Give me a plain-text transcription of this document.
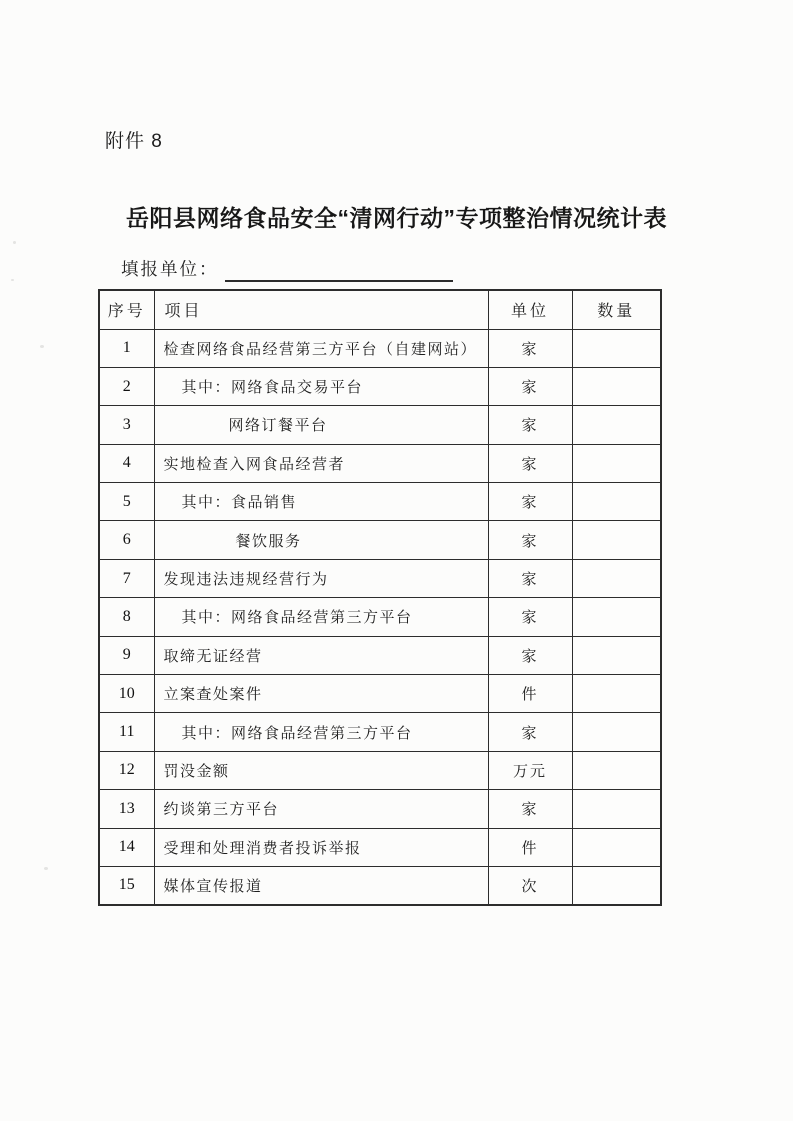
附件 8
岳阳县网络食品安全“清网行动”专项整治情况统计表
填报单位：
序号	项目	单位	数量
1	检查网络食品经营第三方平台（自建网站）	家	
2	其中：网络食品交易平台	家	
3	网络订餐平台	家	
4	实地检查入网食品经营者	家	
5	其中：食品销售	家	
6	餐饮服务	家	
7	发现违法违规经营行为	家	
8	其中：网络食品经营第三方平台	家	
9	取缔无证经营	家	
10	立案查处案件	件	
11	其中：网络食品经营第三方平台	家	
12	罚没金额	万元	
13	约谈第三方平台	家	
14	受理和处理消费者投诉举报	件	
15	媒体宣传报道	次	
